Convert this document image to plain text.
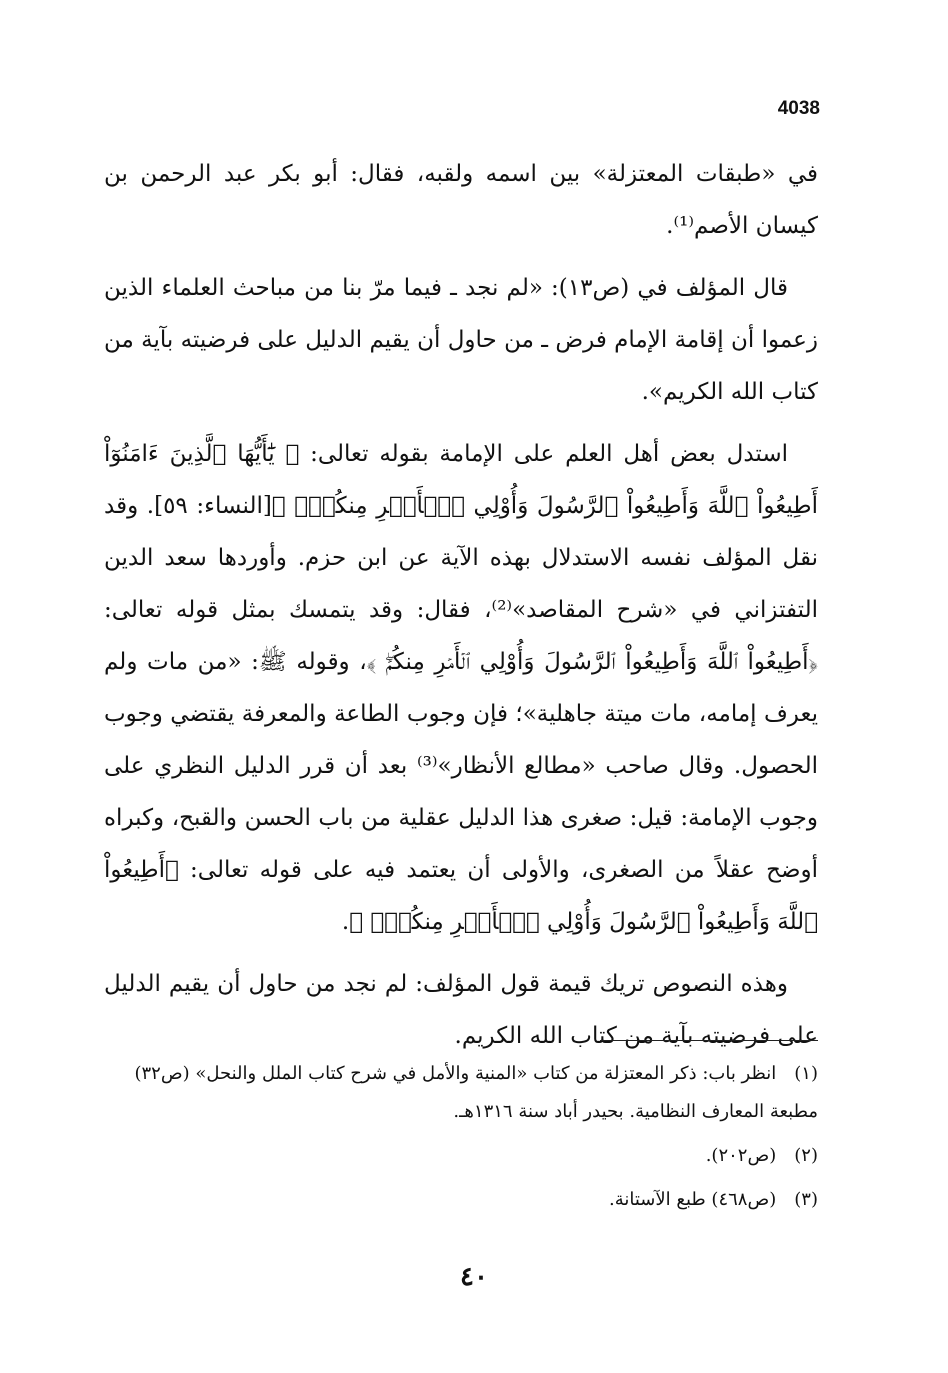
4038

في «طبقات المعتزلة» بين اسمه ولقبه، فقال: أبو بكر عبد الرحمن بن كيسان الأصم⁽¹⁾.

قال المؤلف في (ص١٣): «لم نجد ـ فيما مرّ بنا من مباحث العلماء الذين زعموا أن إقامة الإمام فرض ـ من حاول أن يقيم الدليل على فرضيته بآية من كتاب الله الكريم».

استدل بعض أهل العلم على الإمامة بقوله تعالى: ﴿ يَٰٓأَيُّهَا ٱلَّذِينَ ءَامَنُوٓاْ أَطِيعُواْ ٱللَّهَ وَأَطِيعُواْ ٱلرَّسُولَ وَأُوْلِي ٱلۡأَمۡرِ مِنكُمۡۖ ﴾[النساء: ٥٩]. وقد نقل المؤلف نفسه الاستدلال بهذه الآية عن ابن حزم. وأوردها سعد الدين التفتزاني في «شرح المقاصد»⁽²⁾، فقال: وقد يتمسك بمثل قوله تعالى: ﴿أَطِيعُواْ ٱللَّهَ وَأَطِيعُواْ ٱلرَّسُولَ وَأُوْلِي ٱلۡأَمۡرِ مِنكُمۡۖ ﴾، وقوله ﷺ: «من مات ولم يعرف إمامه، مات ميتة جاهلية»؛ فإن وجوب الطاعة والمعرفة يقتضي وجوب الحصول. وقال صاحب «مطالع الأنظار»⁽³⁾ بعد أن قرر الدليل النظري على وجوب الإمامة: قيل: صغرى هذا الدليل عقلية من باب الحسن والقبح، وكبراه أوضح عقلاً من الصغرى، والأولى أن يعتمد فيه على قوله تعالى: ﴿أَطِيعُواْ ٱللَّهَ وَأَطِيعُواْ ٱلرَّسُولَ وَأُوْلِي ٱلۡأَمۡرِ مِنكُمۡۖ ﴾.

وهذه النصوص تريك قيمة قول المؤلف: لم نجد من حاول أن يقيم الدليل على فرضيته بآية من كتاب الله الكريم.

(١)انظر باب: ذكر المعتزلة من كتاب «المنية والأمل في شرح كتاب الملل والنحل» (ص٣٢) مطبعة المعارف النظامية. بحيدر أباد سنة ١٣١٦هـ.

(٢)(ص٢٠٢).

(٣)(ص٤٦٨) طبع الآستانة.

٤٠
